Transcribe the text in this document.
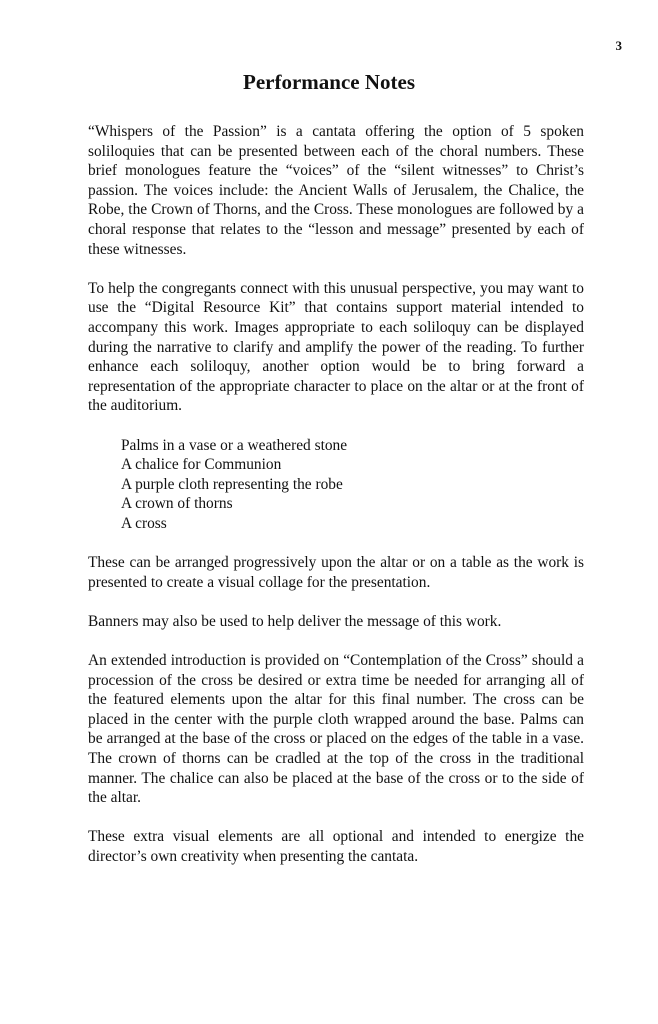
3
Performance Notes

“Whispers of the Passion” is a cantata offering the option of 5 spoken soliloquies that can be presented between each of the choral numbers. These brief monologues feature the “voices” of the “silent witnesses” to Christ’s passion. The voices include: the Ancient Walls of Jerusalem, the Chalice, the Robe, the Crown of Thorns, and the Cross. These monologues are followed by a choral response that relates to the “lesson and message” presented by each of these witnesses.

To help the congregants connect with this unusual perspective, you may want to use the “Digital Resource Kit” that contains support material intended to accompany this work. Images appropriate to each soliloquy can be displayed during the narrative to clarify and amplify the power of the reading. To further enhance each soliloquy, another option would be to bring forward a representation of the appropriate character to place on the altar or at the front of the auditorium.

Palms in a vase or a weathered stone
A chalice for Communion
A purple cloth representing the robe
A crown of thorns
A cross

These can be arranged progressively upon the altar or on a table as the work is presented to create a visual collage for the presentation.

Banners may also be used to help deliver the message of this work.

An extended introduction is provided on “Contemplation of the Cross” should a procession of the cross be desired or extra time be needed for arranging all of the featured elements upon the altar for this final number. The cross can be placed in the center with the purple cloth wrapped around the base. Palms can be arranged at the base of the cross or placed on the edges of the table in a vase. The crown of thorns can be cradled at the top of the cross in the traditional manner. The chalice can also be placed at the base of the cross or to the side of the altar.

These extra visual elements are all optional and intended to energize the director’s own creativity when presenting the cantata.
